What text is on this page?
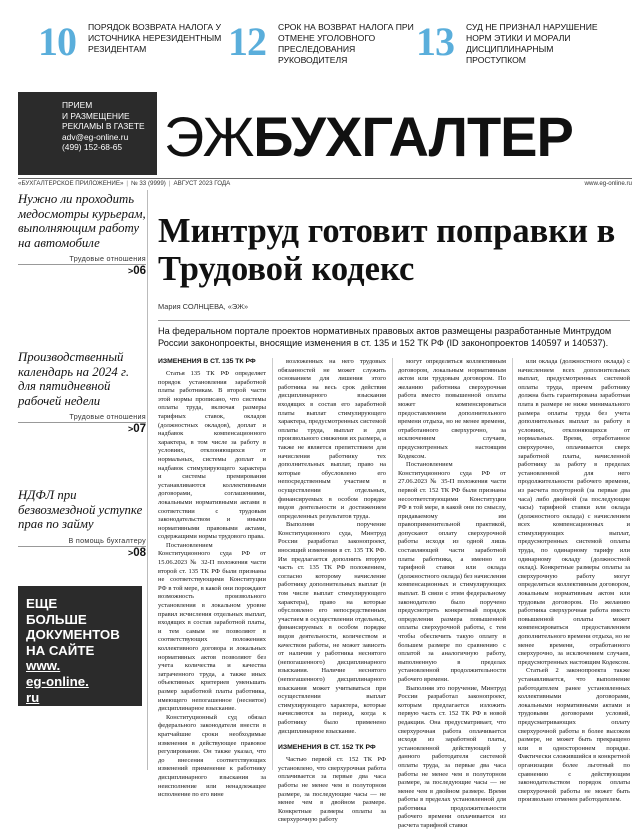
10 ПОРЯДОК ВОЗВРАТА НАЛОГА У ИСТОЧНИКА НЕРЕЗИДЕНТНЫМ РЕЗИДЕНТАМ	12 СРОК НА ВОЗВРАТ НАЛОГА ПРИ ОТМЕНЕ УГОЛОВНОГО ПРЕСЛЕДОВАНИЯ РУКОВОДИТЕЛЯ	13 СУД НЕ ПРИЗНАЛ НАРУШЕНИЕ НОРМ ЭТИКИ И МОРАЛИ ДИСЦИПЛИНАРНЫМ ПРОСТУПКОМ
ПРИЕМ
И РАЗМЕЩЕНИЕ
РЕКЛАМЫ В ГАЗЕТЕ
adv@eg-online.ru
(499) 152-68-65 ЭЖБУХГАЛТЕР
«БУХГАЛТЕРСКОЕ ПРИЛОЖЕНИЕ» | № 33 (9999) | АВГУСТ 2023 ГОДА	www.eg-online.ru
Нужно ли проходить медосмотры курьерам, выполняющим работу на автомобиле
Трудовые отношения
>06
Производственный календарь на 2024 г. для пятидневной рабочей недели
Трудовые отношения
>07
НДФЛ при безвозмездной уступке прав по займу
В помощь бухгалтеру
>08
ЕЩЕ
БОЛЬШЕ
ДОКУМЕНТОВ
НА САЙТЕ
www.
eg-online.
ru
Минтруд готовит поправки в Трудовой кодекс
Мария СОЛНЦЕВА, «ЭЖ»
На федеральном портале проектов нормативных правовых актов размещены разработанные Минтрудом России законопроекты, вносящие изменения в ст. 135 и 152 ТК РФ (ID законопроектов 140597 и 140537).
ИЗМЕНЕНИЯ В СТ. 135 ТК РФ

Статья 135 ТК РФ определяет порядок установления заработной платы работникам. В второй части этой нормы прописано, что системы оплаты труда, включая размеры тарифных ставок, окладов (должностных окладов), доплат и надбавок компенсационного характера, в том числе за работу в условиях, отклоняющихся от нормальных, системы доплат и надбавок стимулирующего характера и системы премирования устанавливаются коллективными договорами, соглашениями, локальными нормативными актами в соответствии с трудовым законодательством и иными нормативными правовыми актами, содержащими нормы трудового права.

Постановлением Конституционного суда РФ от 15.06.2023 № 32-П положения части второй ст. 135 ТК РФ были признаны не соответствующими Конституции РФ в той мере, в какой они порождают возможность произвольного установления в локальном уровне правил исчисления отдельных выплат, входящих в состав заработной платы, и тем самым не позволяют в соответствующих положениях коллективного договора и локальных нормативных актов позволяют без учета количества и качества затраченного труда, а также иных объективных критериев уменьшать размер заработной платы работника, имеющего непогашенное (неснятое) дисциплинарное взыскание.

Конституционный суд обязал федерального законодателя внести в кратчайшие сроки необходимые изменения в действующее правовое регулирование. Он также указал, что до внесения соответствующих изменений применение к работнику дисциплинарного взыскания за неисполнение или ненадлежащее исполнение по его вине

возложенных на него трудовых обязанностей не может служить основанием для лишения этого работника на весь срок действия дисциплинарного взыскания входящих в состав его заработной платы выплат стимулирующего характера, предусмотренных системой оплаты труда, выплат и для произвольного снижения их размера, а также не является препятствием для начисления работнику тех дополнительных выплат, право на которые обусловлено его непосредственным участием в осуществлении отдельных, финансируемых в особом порядке видов деятельности и достижением определенных результатов труда.

Выполняя поручение Конституционного суда, Минтруд России разработал законопроект, вносящий изменения в ст. 135 ТК РФ. Им предлагается дополнить вторую часть ст. 135 ТК РФ положением, согласно которому начисление работнику дополнительных выплат (в том числе выплат стимулирующего характера), право на которые обусловлено его непосредственным участием в осуществлении отдельных, финансируемых в особом порядке видов деятельности, количеством и качеством работы, не может зависеть от наличия у работника неснятого (непогашенного) дисциплинарного взыскания. Наличие неснятого (непогашенного) дисциплинарного взыскания может учитываться при осуществлении выплат стимулирующего характера, которые начисляются за период, когда к работнику было применено дисциплинарное взыскание.

ИЗМЕНЕНИЯ В СТ. 152 ТК РФ

Частью первой ст. 152 ТК РФ установлено, что сверхурочная работа оплачивается за первые два часа работы не менее чем в полуторном размере, за последующие часы — не менее чем в двойном размере. Конкретные размеры оплаты за сверхурочную работу

могут определяться коллективным договором, локальным нормативным актом или трудовым договором. По желанию работника сверхурочная работа вместо повышенной оплаты может компенсироваться предоставлением дополнительного времени отдыха, но не менее времени, отработанного сверхурочно, за исключением случаев, предусмотренных настоящим Кодексом.

Постановлением Конституционного суда РФ от 27.06.2023 № 35-П положения части первой ст. 152 ТК РФ были признаны несоответствующими Конституции РФ в той мере, в какой они по смыслу, придаваемому им правоприменительной практикой, допускают оплату сверхурочной работы исходя из одной лишь составляющей части заработной платы работника, а именно из тарифной ставки или оклада (должностного оклада) без начисления компенсационных и стимулирующих выплат. В связи с этим федеральному законодателю было поручено предусмотреть конкретный порядок определения размера повышенной оплаты сверхурочной работы, с тем чтобы обеспечить такую оплату в большем размере по сравнению с оплатой за аналогичную работу, выполненную в пределах установленной продолжительности рабочего времени.

Выполняя это поручение, Минтруд России разработал законопроект, которым предлагается изложить первую часть ст. 152 ТК РФ в новой редакции. Она предусматривает, что сверхурочная работа оплачивается исходя из заработной платы, установленной действующей у данного работодателя системой оплаты труда, за первые два часа работы не менее чем в полуторном размере, за последующие часы — не менее чем в двойном размере. Время работы в пределах установленной для работника продолжительности рабочего времени оплачивается из расчета тарифной ставки

или оклада (должностного оклада) с начислением всех дополнительных выплат, предусмотренных системой оплаты труда, причем работнику должна быть гарантирована заработная плата в размере не ниже минимального размера оплаты труда без учета дополнительных выплат за работу в условиях, отклоняющихся от нормальных. Время, отработанное сверхурочно, оплачивается сверх заработной платы, начисленной работнику за работу в пределах установленной для него продолжительности рабочего времени, из расчета полуторной (за первые два часа) либо двойной (за последующие часы) тарифной ставки или оклада (должностного оклада) с начислением всех компенсационных и стимулирующих выплат, предусмотренных системой оплаты труда, по одинарному тарифу или одинарному окладу (должностной оклад). Конкретные размеры оплаты за сверхурочную работу могут определяться коллективным договором, локальным нормативным актом или трудовым договором. По желанию работника сверхурочная работа вместо повышенной оплаты может компенсироваться предоставлением дополнительного времени отдыха, но не менее времени, отработанного сверхурочно, за исключением случаев, предусмотренных настоящим Кодексом.

Статьей 2 законопроекта также устанавливается, что выполнение работодателем ранее установленных коллективными договорами, локальными нормативными актами и трудовыми договорами условий, предусматривающих оплату сверхурочной работы в более высоком размере, не может быть прекращено или в одностороннем порядке. Фактически сложившийся в конкретной организации более льготный по сравнению с действующим законодательством порядок оплаты сверхурочной работы не может быть произвольно отменен работодателем.
